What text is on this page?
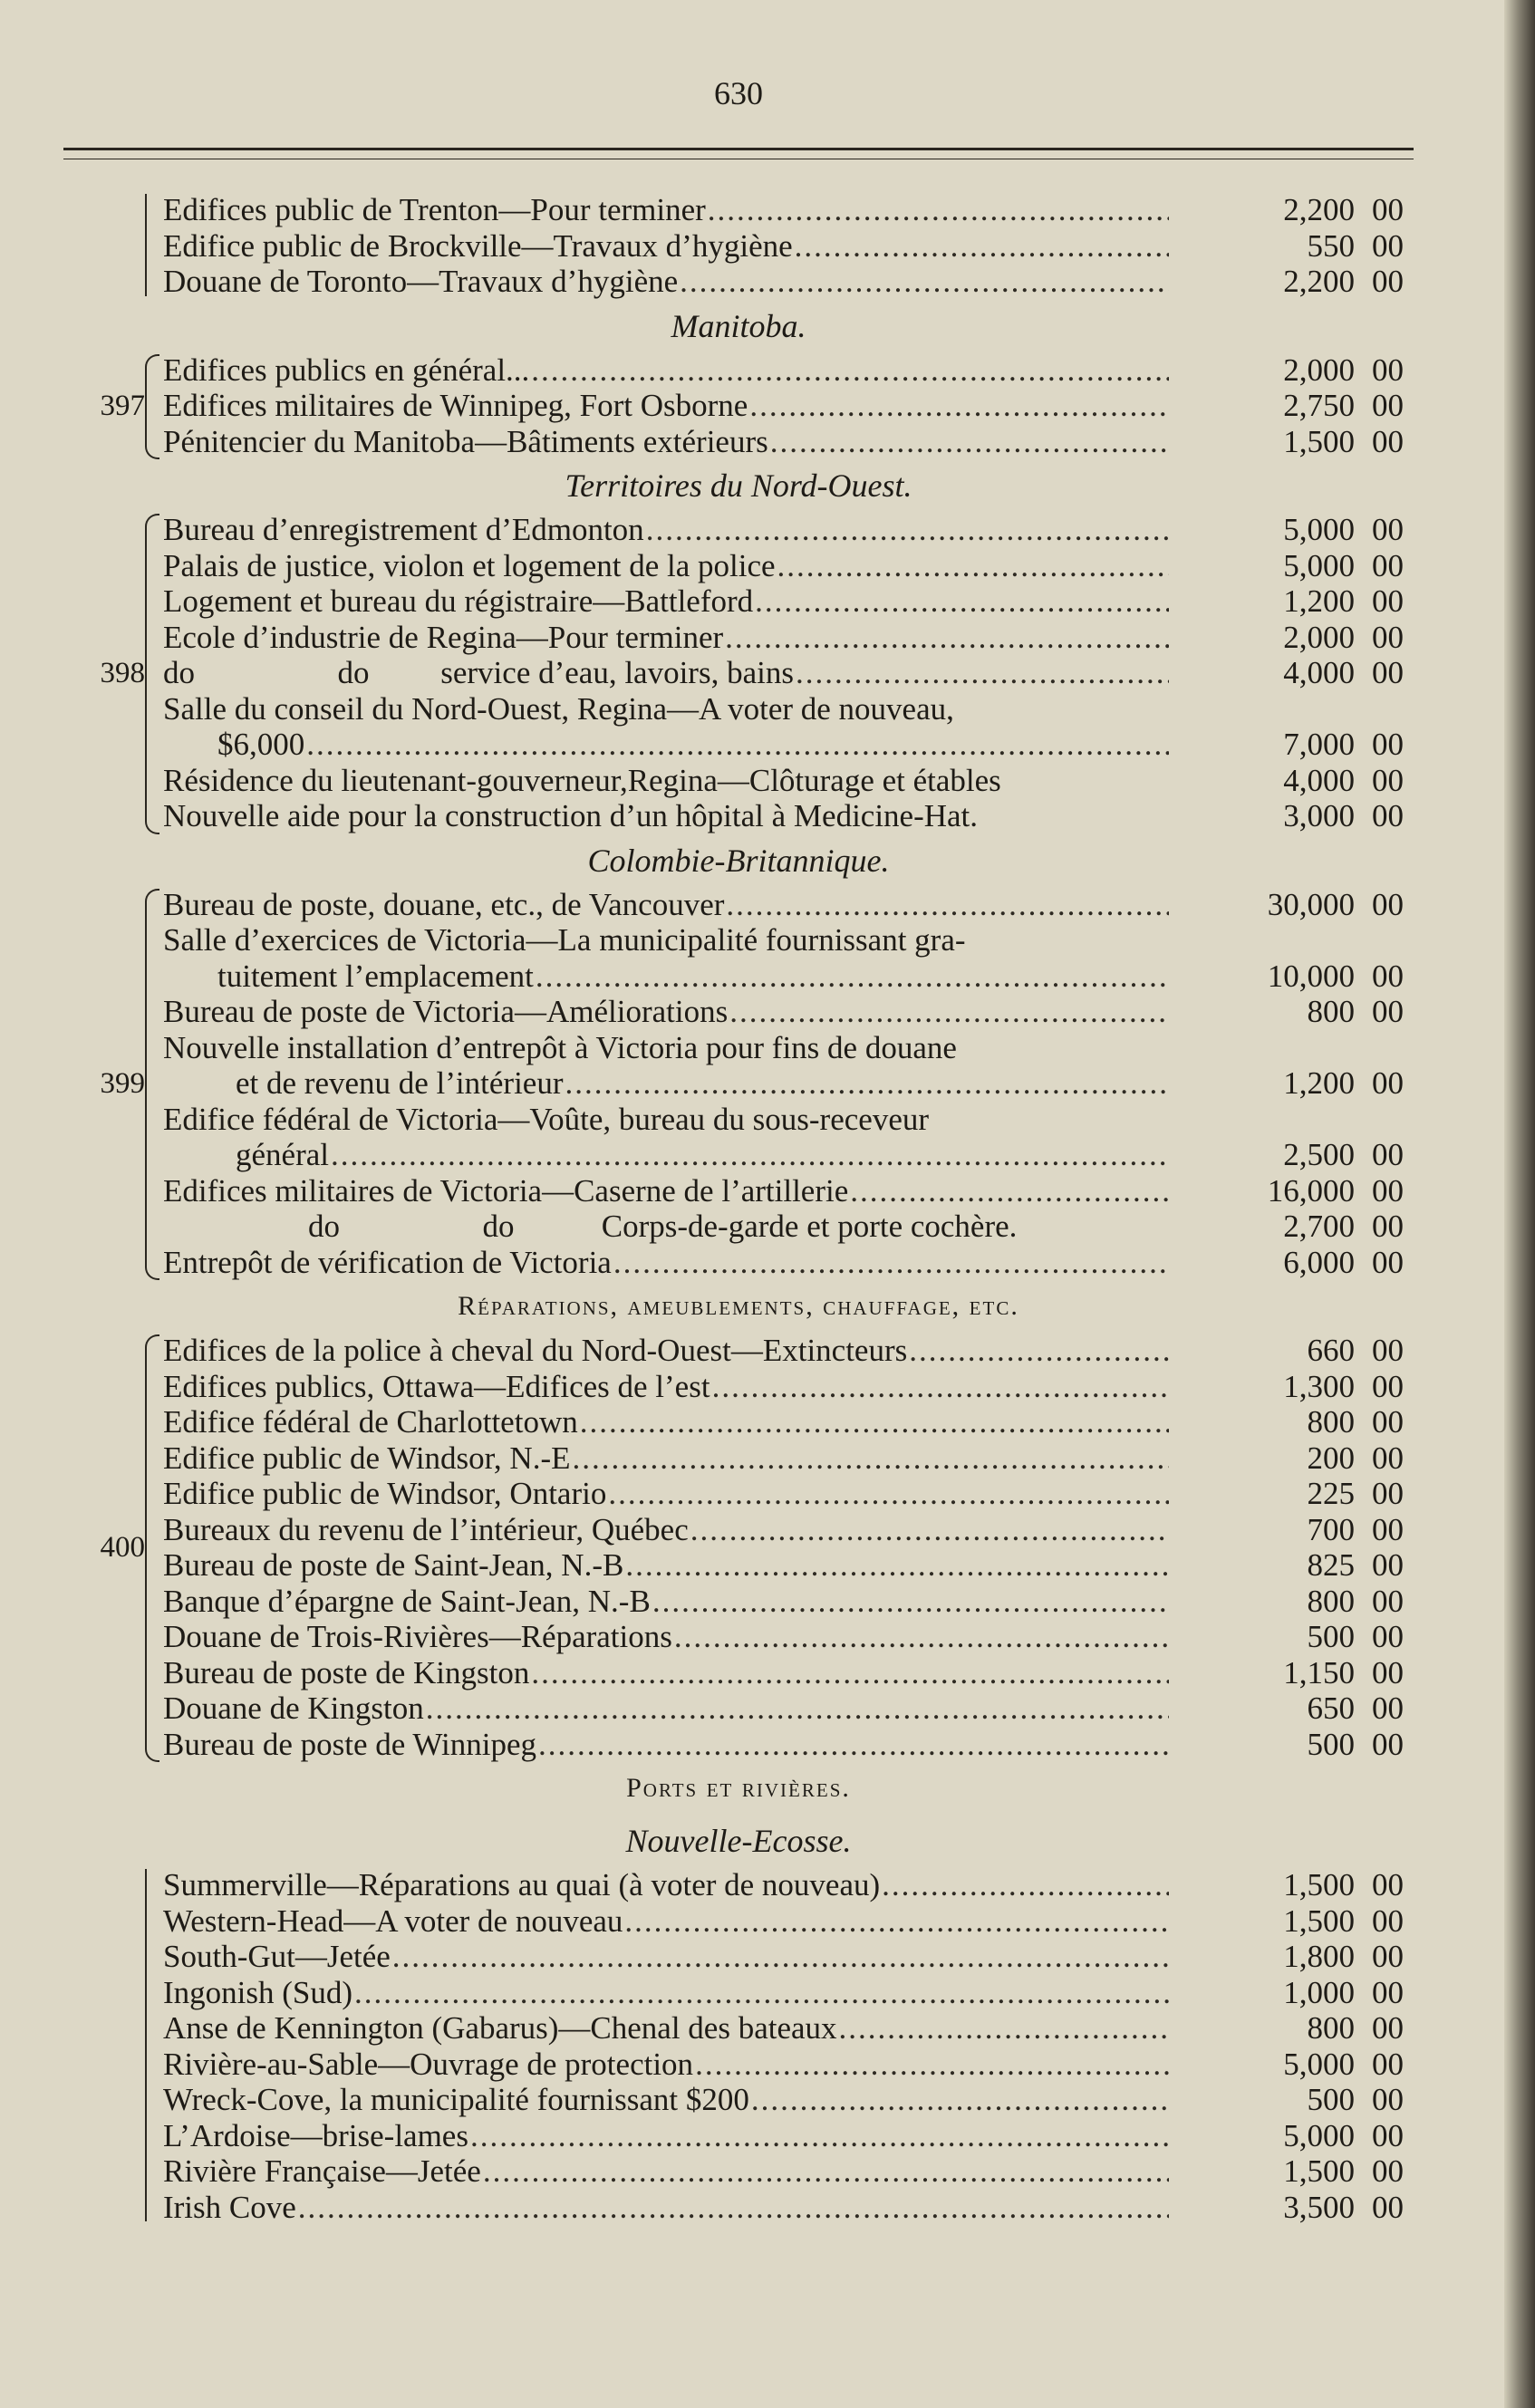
630
Edifices public de Trenton—Pour terminer .....	2,200 00
Edifice public de Brockville—Travaux d’hygiène .....	550 00
Douane de Toronto—Travaux d’hygiène .....	2,200 00
Manitoba.
397
Edifices publics en général... .....	2,000 00
Edifices militaires de Winnipeg, Fort Osborne .....	2,750 00
Pénitencier du Manitoba—Bâtiments extérieurs .....	1,500 00
Territoires du Nord-Ouest.
398
Bureau d’enregistrement d’Edmonton .....	5,000 00
Palais de justice, violon et logement de la police .....	5,000 00
Logement et bureau du régistraire—Battleford .....	1,200 00
Ecole d’industrie de Regina—Pour terminer .....	2,000 00
do                  do         service d’eau, lavoirs, bains .....	4,000 00
Salle du conseil du Nord-Ouest, Regina—A voter de nouveau,
$6,000 .....	7,000 00
Résidence du lieutenant-gouverneur,Regina—Clôturage et étables	4,000 00
Nouvelle aide pour la construction d’un hôpital à Medicine-Hat.	3,000 00
Colombie-Britannique.
399
Bureau de poste, douane, etc., de Vancouver .....	30,000 00
Salle d’exercices de Victoria—La municipalité fournissant gra-
tuitement l’emplacement .....	10,000 00
Bureau de poste de Victoria—Améliorations .....	800 00
Nouvelle installation d’entrepôt à Victoria pour fins de douane
et de revenu de l’intérieur .....	1,200 00
Edifice fédéral de Victoria—Voûte, bureau du sous-receveur
général .....	2,500 00
Edifices militaires de Victoria—Caserne de l’artillerie .....	16,000 00
do                  do           Corps-de-garde et porte cochère.	2,700 00
Entrepôt de vérification de Victoria .....	6,000 00
Réparations, ameublements, chauffage, etc.
400
Edifices de la police à cheval du Nord-Ouest—Extincteurs .....	660 00
Edifices publics, Ottawa—Edifices de l’est .....	1,300 00
Edifice fédéral de Charlottetown .....	800 00
Edifice public de Windsor, N.-E .....	200 00
Edifice public de Windsor, Ontario .....	225 00
Bureaux du revenu de l’intérieur, Québec .....	700 00
Bureau de poste de Saint-Jean, N.-B .....	825 00
Banque d’épargne de Saint-Jean, N.-B .....	800 00
Douane de Trois-Rivières—Réparations .....	500 00
Bureau de poste de Kingston .....	1,150 00
Douane de Kingston .....	650 00
Bureau de poste de Winnipeg .....	500 00
Ports et rivières.
Nouvelle-Ecosse.
Summerville—Réparations au quai (à voter de nouveau) .....	1,500 00
Western-Head—A voter de nouveau .....	1,500 00
South-Gut—Jetée .....	1,800 00
Ingonish (Sud) .....	1,000 00
Anse de Kennington (Gabarus)—Chenal des bateaux .....	800 00
Rivière-au-Sable—Ouvrage de protection .....	5,000 00
Wreck-Cove, la municipalité fournissant $200 .....	500 00
L’Ardoise—brise-lames .....	5,000 00
Rivière Française—Jetée .....	1,500 00
Irish Cove .....	3,500 00
